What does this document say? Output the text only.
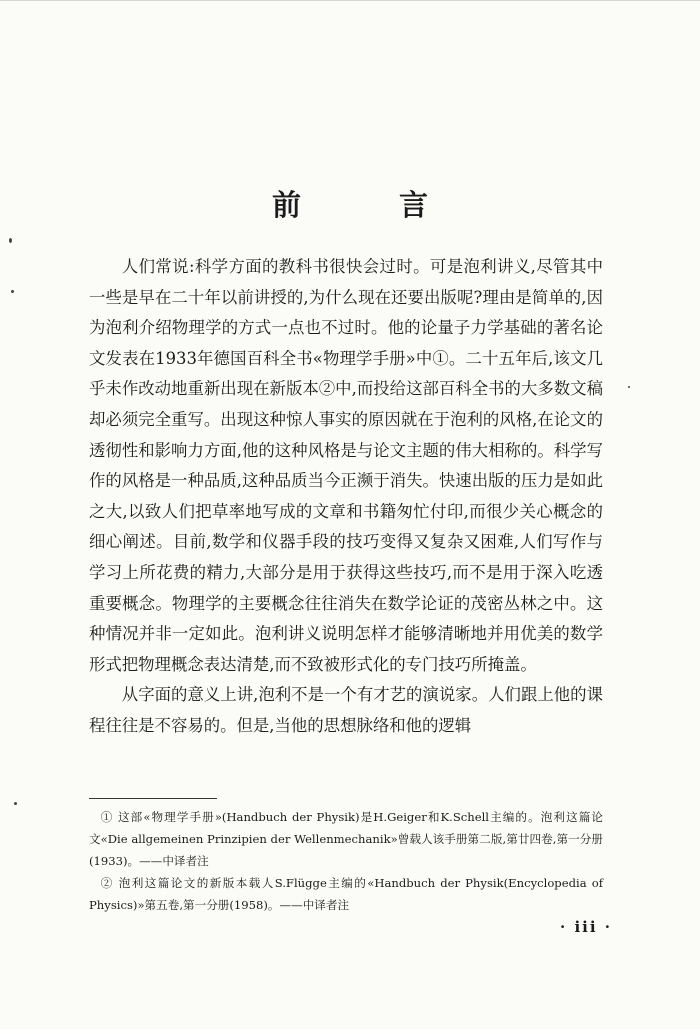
前 言

人们常说:科学方面的教科书很快会过时。可是泡利讲义,尽管其中一些是早在二十年以前讲授的,为什么现在还要出版呢?理由是简单的,因为泡利介绍物理学的方式一点也不过时。他的论量子力学基础的著名论文发表在1933年德国百科全书«物理学手册»中①。二十五年后,该文几乎未作改动地重新出现在新版本②中,而投给这部百科全书的大多数文稿却必须完全重写。出现这种惊人事实的原因就在于泡利的风格,在论文的透彻性和影响力方面,他的这种风格是与论文主题的伟大相称的。科学写作的风格是一种品质,这种品质当今正濒于消失。快速出版的压力是如此之大,以致人们把草率地写成的文章和书籍匆忙付印,而很少关心概念的细心阐述。目前,数学和仪器手段的技巧变得又复杂又困难,人们写作与学习上所花费的精力,大部分是用于获得这些技巧,而不是用于深入吃透重要概念。物理学的主要概念往往消失在数学论证的茂密丛林之中。这种情况并非一定如此。泡利讲义说明怎样才能够清晰地并用优美的数学形式把物理概念表达清楚,而不致被形式化的专门技巧所掩盖。

从字面的意义上讲,泡利不是一个有才艺的演说家。人们跟上他的课程往往是不容易的。但是,当他的思想脉络和他的逻辑

① 这部«物理学手册»(Handbuch der Physik)是H.Geiger和K.Schell主编的。泡利这篇论文«Die allgemeinen Prinzipien der Wellenmechanik»曾载人该手册第二版,第廿四卷,第一分册(1933)。——中译者注

② 泡利这篇论文的新版本载人S.Flügge主编的«Handbuch der Physik(Encyclopedia of Physics)»第五卷,第一分册(1958)。——中译者注

· iii ·
